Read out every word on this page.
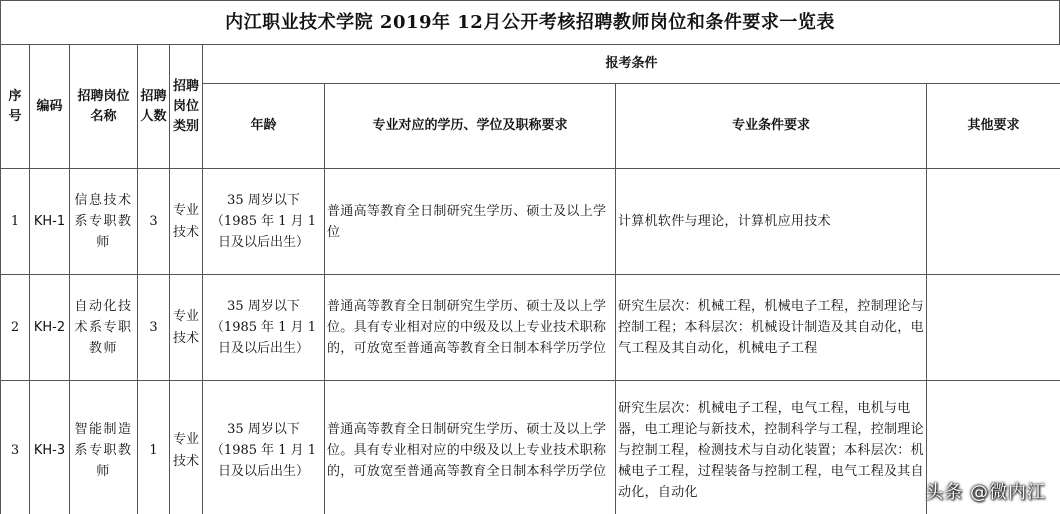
内江职业技术学院 2019年 12月公开考核招聘教师岗位和条件要求一览表
序号	编码	招聘岗位名称	招聘人数	招聘岗位类别	报考条件			
					年龄	专业对应的学历、学位及职称要求	专业条件要求	其他要求
1	KH-1	信息技术系专职教师	3	专业技术	35 周岁以下
（1985 年 1 月 1
日及以后出生）	普通高等教育全日制研究生学历、硕士及以上学位	计算机软件与理论，计算机应用技术	
2	KH-2	自动化技术系专职教师	3	专业技术	35 周岁以下
（1985 年 1 月 1
日及以后出生）	普通高等教育全日制研究生学历、硕士及以上学位。具有专业相对应的中级及以上专业技术职称的，可放宽至普通高等教育全日制本科学历学位	研究生层次：机械工程，机械电子工程，控制理论与控制工程；本科层次：机械设计制造及其自动化，电气工程及其自动化，机械电子工程	
3	KH-3	智能制造系专职教师	1	专业技术	35 周岁以下
（1985 年 1 月 1
日及以后出生）	普通高等教育全日制研究生学历、硕士及以上学位。具有专业相对应的中级及以上专业技术职称的，可放宽至普通高等教育全日制本科学历学位	研究生层次：机械电子工程，电气工程，电机与电器，电工理论与新技术，控制科学与工程，控制理论与控制工程，检测技术与自动化装置；本科层次：机械电子工程，过程装备与控制工程，电气工程及其自动化，自动化		头条 @微内江
